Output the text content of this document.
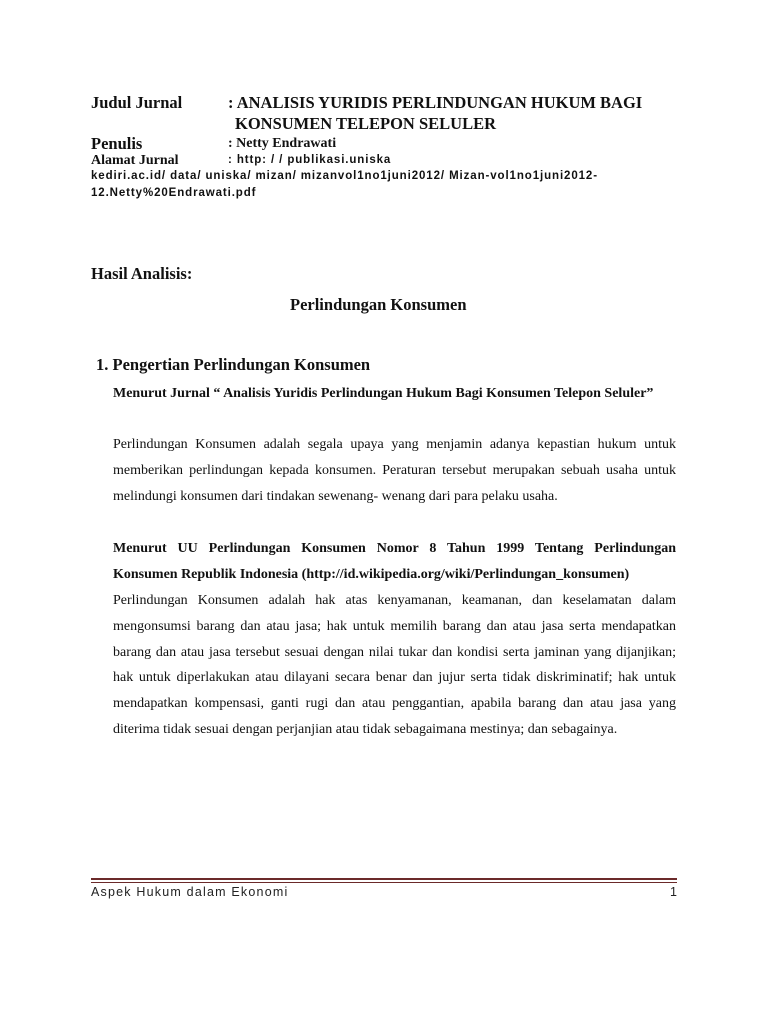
Judul Jurnal	: ANALISIS YURIDIS PERLINDUNGAN HUKUM BAGI
KONSUMEN TELEPON SELULER
Penulis	: Netty Endrawati
Alamat Jurnal	: http: / / publikasi.uniska
kediri.ac.id/ data/ uniska/ mizan/ mizanvol1no1juni2012/ Mizan-vol1no1juni2012-
12.Netty%20Endrawati.pdf
Hasil Analisis:
Perlindungan Konsumen
1. Pengertian Perlindungan Konsumen

Menurut Jurnal “ Analisis Yuridis Perlindungan Hukum Bagi Konsumen Telepon Seluler”

Perlindungan Konsumen adalah segala upaya yang menjamin adanya kepastian hukum untuk memberikan perlindungan kepada konsumen. Peraturan tersebut merupakan sebuah usaha untuk melindungi konsumen dari tindakan sewenang- wenang dari para pelaku usaha.

Menurut UU Perlindungan Konsumen Nomor 8 Tahun 1999 Tentang Perlindungan Konsumen Republik Indonesia (http://id.wikipedia.org/wiki/Perlindungan_konsumen)

Perlindungan Konsumen adalah hak atas kenyamanan, keamanan, dan keselamatan dalam mengonsumsi barang dan atau jasa; hak untuk memilih barang dan atau jasa serta mendapatkan barang dan atau jasa tersebut sesuai dengan nilai tukar dan kondisi serta jaminan yang dijanjikan; hak untuk diperlakukan atau dilayani secara benar dan jujur serta tidak diskriminatif; hak untuk mendapatkan kompensasi, ganti rugi dan atau penggantian, apabila barang dan atau jasa yang diterima tidak sesuai dengan perjanjian atau tidak sebagaimana mestinya; dan sebagainya.

Aspek Hukum dalam Ekonomi	1
